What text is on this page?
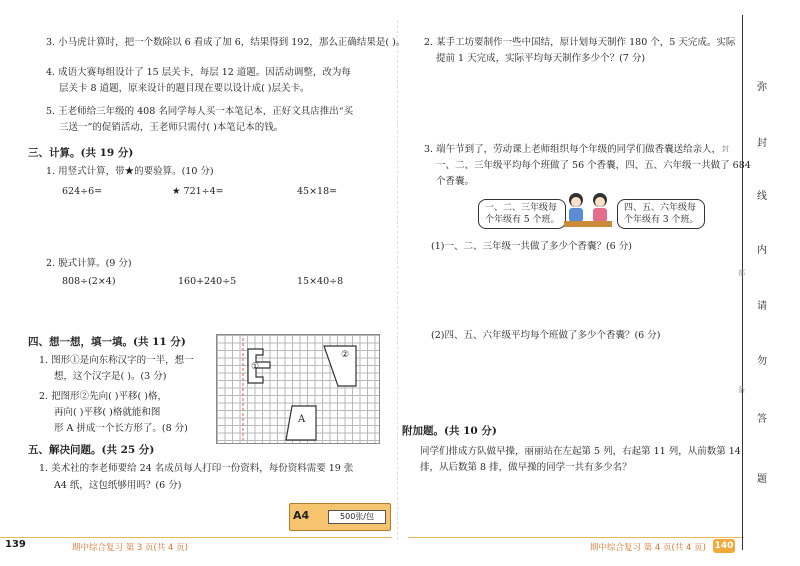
3. 小马虎计算时，把一个数除以 6 看成了加 6，结果得到 192，那么正确结果是( )。
4. 成语大赛每组设计了 15 层关卡，每层 12 道题。因活动调整，改为每
层关卡 8 道题，原来设计的题目现在要以设计成( )层关卡。
5. 王老师给三年级的 408 名同学每人买一本笔记本，正好文具店推出“买
三送一”的促销活动，王老师只需付( )本笔记本的钱。
三、计算。(共 19 分)
1. 用竖式计算，带★的要验算。(10 分)
624÷6=	★ 721÷4=	45×18=
2. 脱式计算。(9 分)
808÷(2×4)	160+240÷5	15×40÷8
四、想一想，填一填。(共 11 分)
1. 图形①是向东称汉字的一半，想一
想，这个汉字是( )。(3 分)
2. 把图形②先向( )平移( )格，
再向( )平移( )格就能和图
形 A 拼成一个长方形了。(8 分)
①
②
A
五、解决问题。(共 25 分)
1. 美术社的李老师要给 24 名成员每人打印一份资料，每份资料需要 19 张
A4 纸，这包纸够用吗？(6 分)
A4	500张/包
139	期中综合复习 第 3 页(共 4 页)
2. 某手工坊要制作一些中国结，原计划每天制作 180 个，5 天完成。实际
提前 1 天完成，实际平均每天制作多少个？(7 分)
3. 端午节到了，劳动课上老师组织每个年级的同学们做香囊送给亲人，
一、二、三年级平均每个班做了 56 个香囊，四、五、六年级一共做了 684
个香囊。
一、二、三年级每
个年级有 5 个班。
四、五、六年级每
个年级有 3 个班。
(1)一、二、三年级一共做了多少个香囊？(6 分)
(2)四、五、六年级平均每个班做了多少个香囊？(6 分)
附加题。(共 10 分)
同学们排成方队做早操，丽丽站在左起第 5 列，右起第 11 列，从前数第 14
排，从后数第 8 排，做早操的同学一共有多少名？
期中综合复习 第 4 页(共 4 页) 140
弥
封
线
内
请
勿
答
题
封
部
条
